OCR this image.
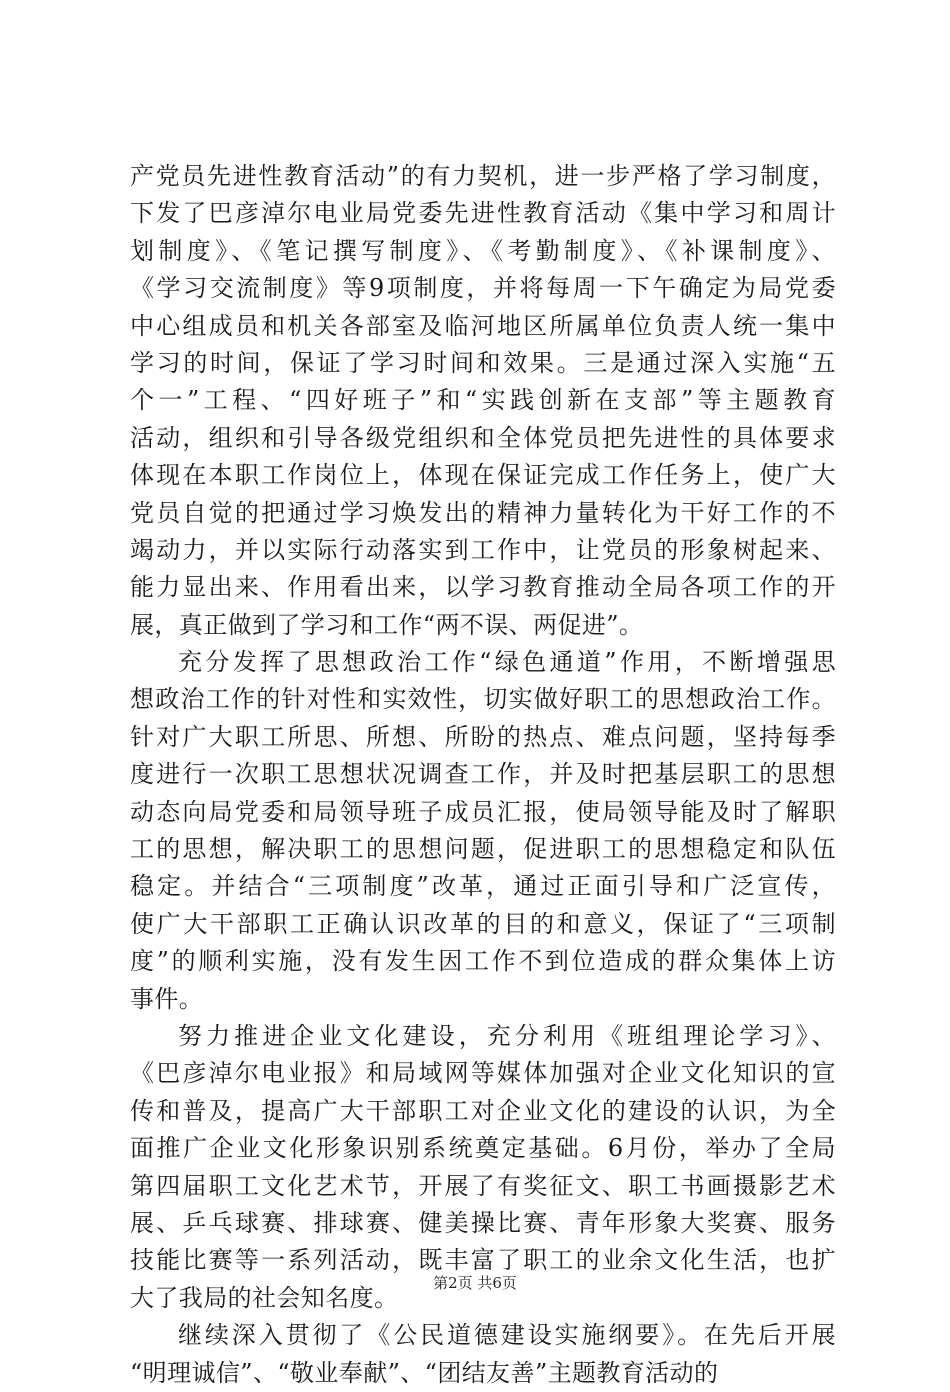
产党员先进性教育活动”的有力契机，进一步严格了学习制度，
下发了巴彦淖尔电业局党委先进性教育活动《集中学习和周计
划制度》、《笔记撰写制度》、《考勤制度》、《补课制度》、
《学习交流制度》等9项制度，并将每周一下午确定为局党委
中心组成员和机关各部室及临河地区所属单位负责人统一集中
学习的时间，保证了学习时间和效果。三是通过深入实施“五
个一”工程、“四好班子”和“实践创新在支部”等主题教育
活动，组织和引导各级党组织和全体党员把先进性的具体要求
体现在本职工作岗位上，体现在保证完成工作任务上，使广大
党员自觉的把通过学习焕发出的精神力量转化为干好工作的不
竭动力，并以实际行动落实到工作中，让党员的形象树起来、
能力显出来、作用看出来，以学习教育推动全局各项工作的开
展，真正做到了学习和工作“两不误、两促进”。
充分发挥了思想政治工作“绿色通道”作用，不断增强思
想政治工作的针对性和实效性，切实做好职工的思想政治工作。
针对广大职工所思、所想、所盼的热点、难点问题，坚持每季
度进行一次职工思想状况调查工作，并及时把基层职工的思想
动态向局党委和局领导班子成员汇报，使局领导能及时了解职
工的思想，解决职工的思想问题，促进职工的思想稳定和队伍
稳定。并结合“三项制度”改革，通过正面引导和广泛宣传，
使广大干部职工正确认识改革的目的和意义，保证了“三项制
度”的顺利实施，没有发生因工作不到位造成的群众集体上访
事件。
努力推进企业文化建设，充分利用《班组理论学习》、
《巴彦淖尔电业报》和局域网等媒体加强对企业文化知识的宣
传和普及，提高广大干部职工对企业文化的建设的认识，为全
面推广企业文化形象识别系统奠定基础。6月份，举办了全局
第四届职工文化艺术节，开展了有奖征文、职工书画摄影艺术
展、乒乓球赛、排球赛、健美操比赛、青年形象大奖赛、服务
技能比赛等一系列活动，既丰富了职工的业余文化生活，也扩
大了我局的社会知名度。
继续深入贯彻了《公民道德建设实施纲要》。在先后开展
“明理诚信”、“敬业奉献”、“团结友善”主题教育活动的
第2页 共6页
